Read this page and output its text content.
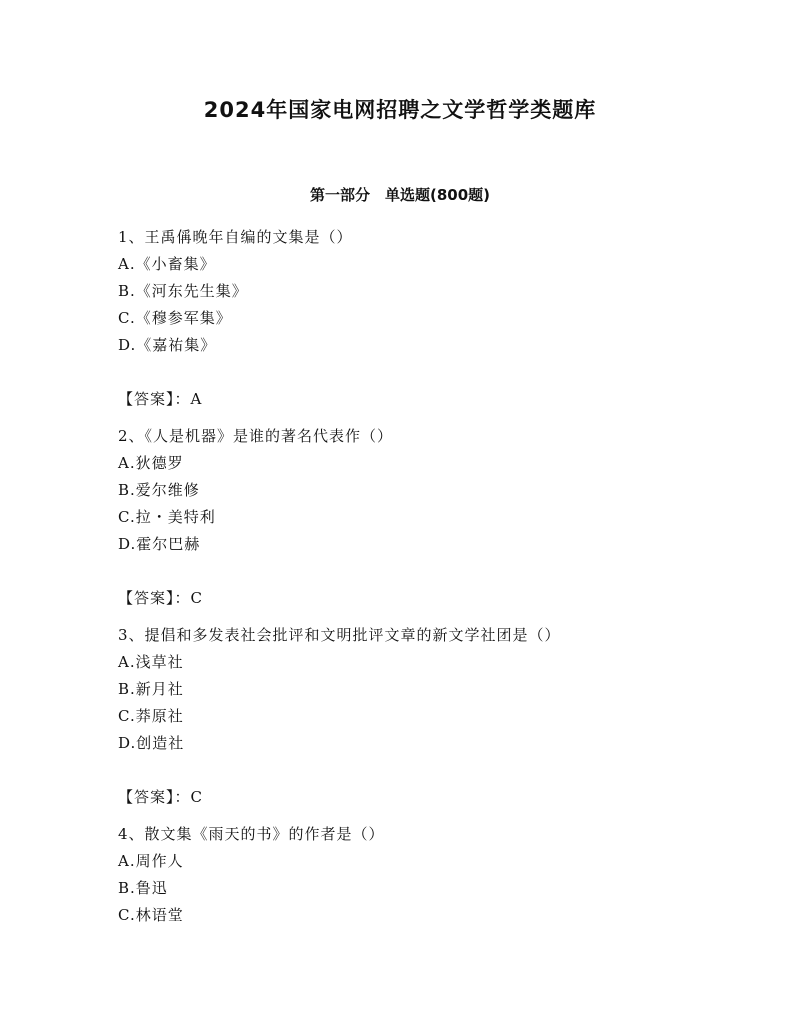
2024年国家电网招聘之文学哲学类题库
第一部分　单选题(800题)
1、王禹偁晚年自编的文集是（）
A.《小畜集》
B.《河东先生集》
C.《穆参军集》
D.《嘉祐集》
【答案】：A
2、《人是机器》是谁的著名代表作（）
A.狄德罗
B.爱尔维修
C.拉・美特利
D.霍尔巴赫
【答案】：C
3、提倡和多发表社会批评和文明批评文章的新文学社团是（）
A.浅草社
B.新月社
C.莽原社
D.创造社
【答案】：C
4、散文集《雨天的书》的作者是（）
A.周作人
B.鲁迅
C.林语堂
